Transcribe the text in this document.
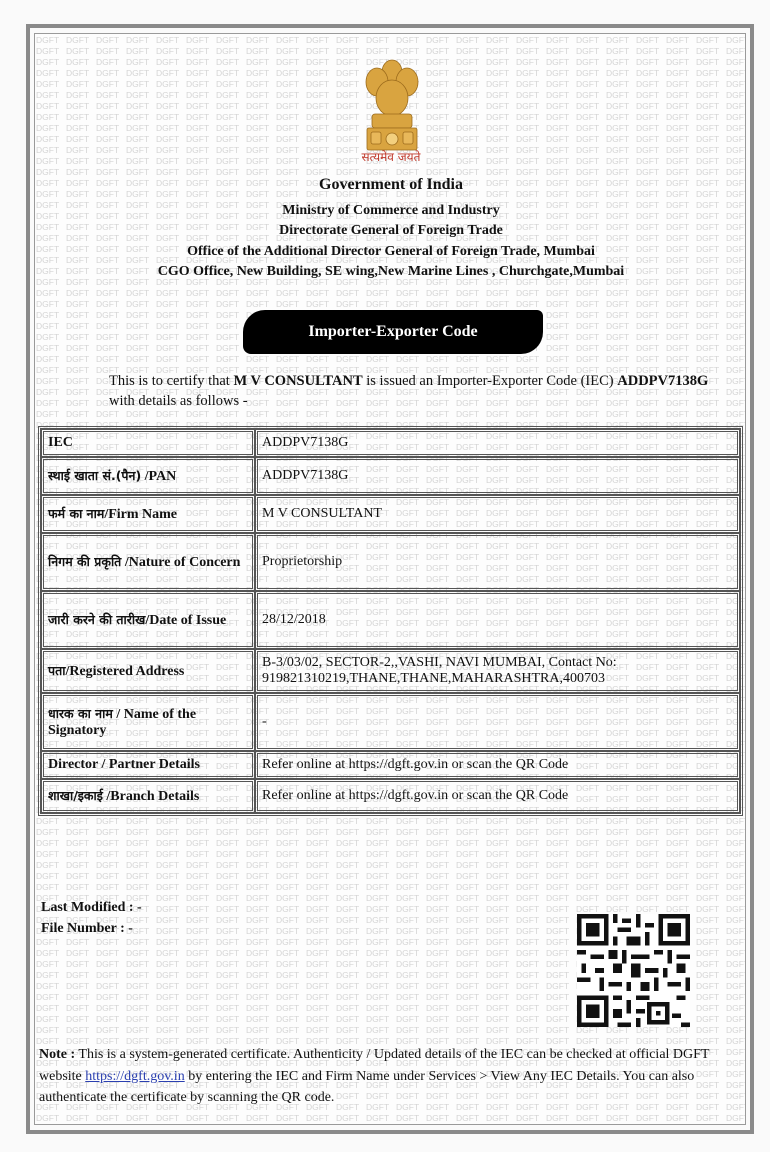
सत्यमेव जयते
Government of India
Ministry of Commerce and Industry
Directorate General of Foreign Trade
Office of the Additional Director General of Foreign Trade, Mumbai
CGO Office, New Building, SE wing,New Marine Lines , Churchgate,Mumbai
Importer-Exporter Code
This is to certify that M V CONSULTANT is issued an Importer-Exporter Code (IEC) ADDPV7138G with details as follows -
IEC	ADDPV7138G
स्थाई खाता सं.(पैन) /PAN	ADDPV7138G
फर्म का नाम/Firm Name	M V CONSULTANT
निगम की प्रकृति /Nature of Concern	Proprietorship
जारी करने की तारीख/Date of Issue	28/12/2018
पता/Registered Address	B-3/03/02, SECTOR-2,,VASHI, NAVI MUMBAI, Contact No:
919821310219,THANE,THANE,MAHARASHTRA,400703

धारक का नाम / Name of the Signatory	-
Director / Partner Details	Refer online at https://dgft.gov.in or scan the QR Code
शाखा/इकाई /Branch Details	Refer online at https://dgft.gov.in or scan the QR Code
Last Modified : -
File Number : -
Note : This is a system-generated certificate. Authenticity / Updated details of the IEC can be checked at official DGFT website https://dgft.gov.in by entering the IEC and Firm Name under Services > View Any IEC Details. You can also authenticate the certificate by scanning the QR code.
